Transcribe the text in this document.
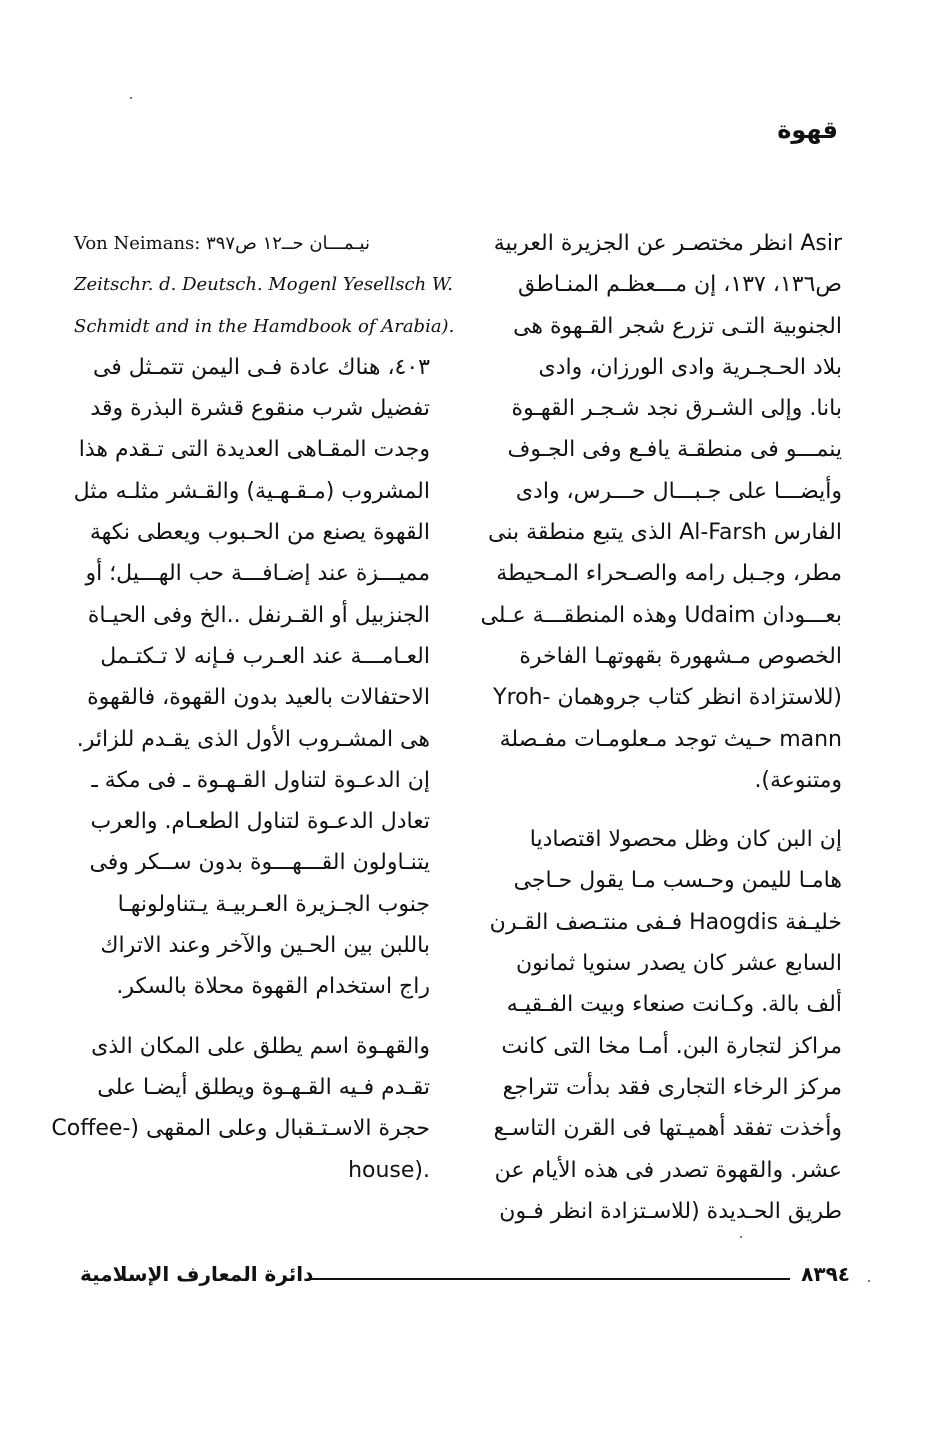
قهوة
Asir انظر مختصـر عن الجزيرة العربية
ص١٣٦، ١٣٧، إن مـــعظـم المنـاطق
الجنوبية التـى تزرع شجر القـهوة هى
بلاد الحـجـرية وادى الورزان، وادى
بانا. وإلى الشـرق نجد شـجـر القهـوة
ينمـــو فى منطقـة يافـع وفى الجـوف
وأيضـــا على جـبـــال حـــرس، وادى
الفارس Al-Farsh الذى يتبع منطقة بنى
مطر، وجـبل رامه والصـحراء المـحيطة
بعـــودان Udaim وهذه المنطقـــة عـلى
الخصوص مـشهورة بقهوتهـا الفاخرة
(للاستزادة انظر كتاب جروهمان -Yroh
mann حـيث توجد مـعلومـات مفـصلة
ومتنوعة).
إن البن كان وظل محصولا اقتصاديا
هامـا لليمن وحـسب مـا يقول حـاجى
خليـفة Haogdis فـفى منتـصف القـرن
السابع عشر كان يصدر سنويا ثمانون
ألف بالة. وكـانت صنعاء وبيت الفـقيـه
مراكز لتجارة البن. أمـا مخا التى كانت
مركز الرخاء التجارى فقد بدأت تتراجع
وأخذت تفقد أهميـتها فى القرن التاسـع
عشر. والقهوة تصدر فى هذه الأيام عن
طريق الحـديدة (للاسـتزادة انظر فـون
Von Neimans: نيـمـــان حــ١٢ ص٣٩٧
Zeitschr. d. Deutsch. Mogenl Yesellsch W.
Schmidt and in the Hamdbook of Arabia).
٤٠٣، هناك عادة فـى اليمن تتمـثل فى
تفضيل شرب منقوع قشرة البذرة وقد
وجدت المقـاهى العديدة التى تـقدم هذا
المشروب (مـقـهـية) والقـشر مثلـه مثل
القهوة يصنع من الحـبوب ويعطى نكهة
مميـــزة عند إضـافـــة حب الهـــيل؛ أو
الجنزبيل أو القـرنفل ..الخ وفى الحيـاة
العـامـــة عند العـرب فـإنه لا تـكتـمل
الاحتفالات بالعيد بدون القهوة، فالقهوة
هى المشـروب الأول الذى يقـدم للزائر.
إن الدعـوة لتناول القـهـوة ـ فى مكة ـ
تعادل الدعـوة لتناول الطعـام. والعرب
يتنـاولون القـــهـــوة بدون ســكر وفى
جنوب الجـزيرة العـربيـة يـتناولونهـا
باللبن بين الحـين والآخر وعند الاتراك
راج استخدام القهوة محلاة بالسكر.
والقهـوة اسم يطلق على المكان الذى
تقـدم فـيه القـهـوة ويطلق أيضـا على
حجرة الاسـتـقبال وعلى المقهى (-Coffee
.(house
٨٣٩٤
دائرة المعارف الإسلامية
